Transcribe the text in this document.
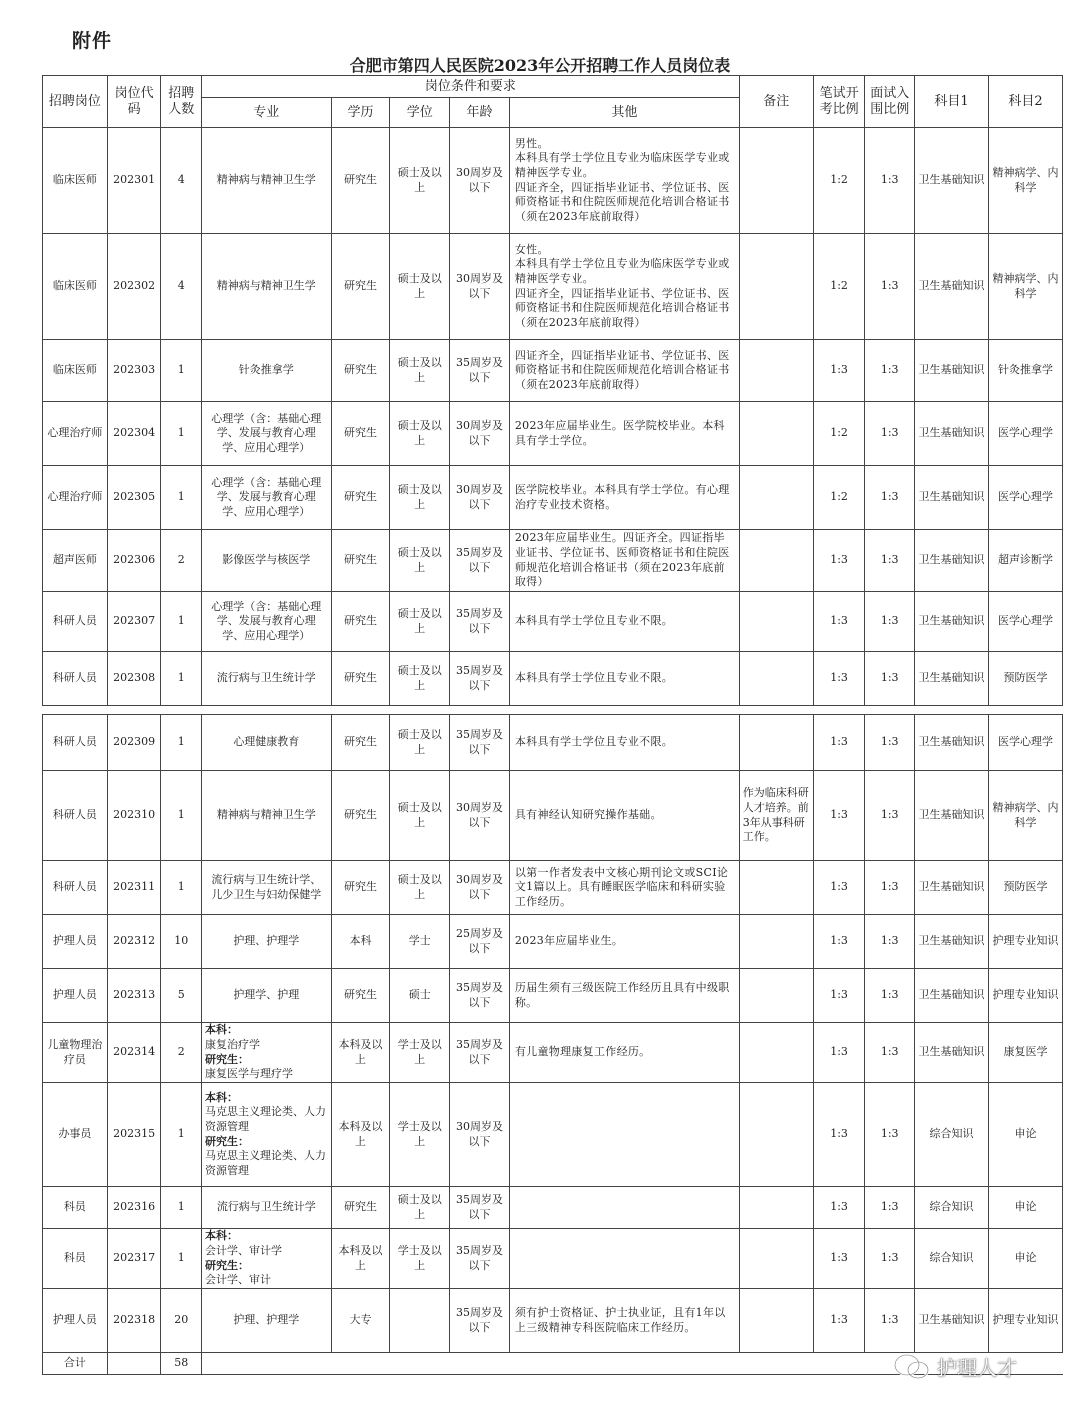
附件
合肥市第四人民医院2023年公开招聘工作人员岗位表
招聘岗位	岗位代码	招聘人数	岗位条件和要求					备注	笔试开考比例	面试入围比例	科目1	科目2
			专业	学历	学位	年龄	其他					
临床医师	202301	4	精神病与精神卫生学	研究生	硕士及以上	30周岁及以下	男性。
本科具有学士学位且专业为临床医学专业或精神医学专业。
四证齐全，四证指毕业证书、学位证书、医师资格证书和住院医师规范化培训合格证书（须在2023年底前取得）		1:2	1:3	卫生基础知识	精神病学、内科学
临床医师	202302	4	精神病与精神卫生学	研究生	硕士及以上	30周岁及以下	女性。
本科具有学士学位且专业为临床医学专业或精神医学专业。
四证齐全，四证指毕业证书、学位证书、医师资格证书和住院医师规范化培训合格证书（须在2023年底前取得）		1:2	1:3	卫生基础知识	精神病学、内科学
临床医师	202303	1	针灸推拿学	研究生	硕士及以上	35周岁及以下	四证齐全，四证指毕业证书、学位证书、医师资格证书和住院医师规范化培训合格证书（须在2023年底前取得）		1:3	1:3	卫生基础知识	针灸推拿学
心理治疗师	202304	1	心理学（含：基础心理学、发展与教育心理学、应用心理学）	研究生	硕士及以上	30周岁及以下	2023年应届毕业生。医学院校毕业。本科具有学士学位。		1:2	1:3	卫生基础知识	医学心理学
心理治疗师	202305	1	心理学（含：基础心理学、发展与教育心理学、应用心理学）	研究生	硕士及以上	30周岁及以下	医学院校毕业。本科具有学士学位。有心理治疗专业技术资格。		1:2	1:3	卫生基础知识	医学心理学
超声医师	202306	2	影像医学与核医学	研究生	硕士及以上	35周岁及以下	2023年应届毕业生。四证齐全。四证指毕业证书、学位证书、医师资格证书和住院医师规范化培训合格证书（须在2023年底前取得）		1:3	1:3	卫生基础知识	超声诊断学
科研人员	202307	1	心理学（含：基础心理学、发展与教育心理学、应用心理学）	研究生	硕士及以上	35周岁及以下	本科具有学士学位且专业不限。		1:3	1:3	卫生基础知识	医学心理学
科研人员	202308	1	流行病与卫生统计学	研究生	硕士及以上	35周岁及以下	本科具有学士学位且专业不限。		1:3	1:3	卫生基础知识	预防医学
科研人员	202309	1	心理健康教育	研究生	硕士及以上	35周岁及以下	本科具有学士学位且专业不限。		1:3	1:3	卫生基础知识	医学心理学
科研人员	202310	1	精神病与精神卫生学	研究生	硕士及以上	30周岁及以下	具有神经认知研究操作基础。	作为临床科研人才培养。前3年从事科研工作。	1:3	1:3	卫生基础知识	精神病学、内科学
科研人员	202311	1	流行病与卫生统计学、儿少卫生与妇幼保健学	研究生	硕士及以上	30周岁及以下	以第一作者发表中文核心期刊论文或SCI论文1篇以上。具有睡眠医学临床和科研实验工作经历。		1:3	1:3	卫生基础知识	预防医学
护理人员	202312	10	护理、护理学	本科	学士	25周岁及以下	2023年应届毕业生。		1:3	1:3	卫生基础知识	护理专业知识
护理人员	202313	5	护理学、护理	研究生	硕士	35周岁及以下	历届生须有三级医院工作经历且具有中级职称。		1:3	1:3	卫生基础知识	护理专业知识
儿童物理治疗员	202314	2	本科：
康复治疗学
研究生：
康复医学与理疗学	本科及以上	学士及以上	35周岁及以下	有儿童物理康复工作经历。		1:3	1:3	卫生基础知识	康复医学
办事员	202315	1	本科：
马克思主义理论类、人力资源管理
研究生：
马克思主义理论类、人力资源管理	本科及以上	学士及以上	30周岁及以下			1:3	1:3	综合知识	申论
科员	202316	1	流行病与卫生统计学	研究生	硕士及以上	35周岁及以下			1:3	1:3	综合知识	申论
科员	202317	1	本科：
会计学、审计学
研究生：
会计学、审计	本科及以上	学士及以上	35周岁及以下			1:3	1:3	综合知识	申论
护理人员	202318	20	护理、护理学	大专		35周岁及以下	须有护士资格证、护士执业证，且有1年以上三级精神专科医院临床工作经历。		1:3	1:3	卫生基础知识	护理专业知识
合计		58											护理人才
